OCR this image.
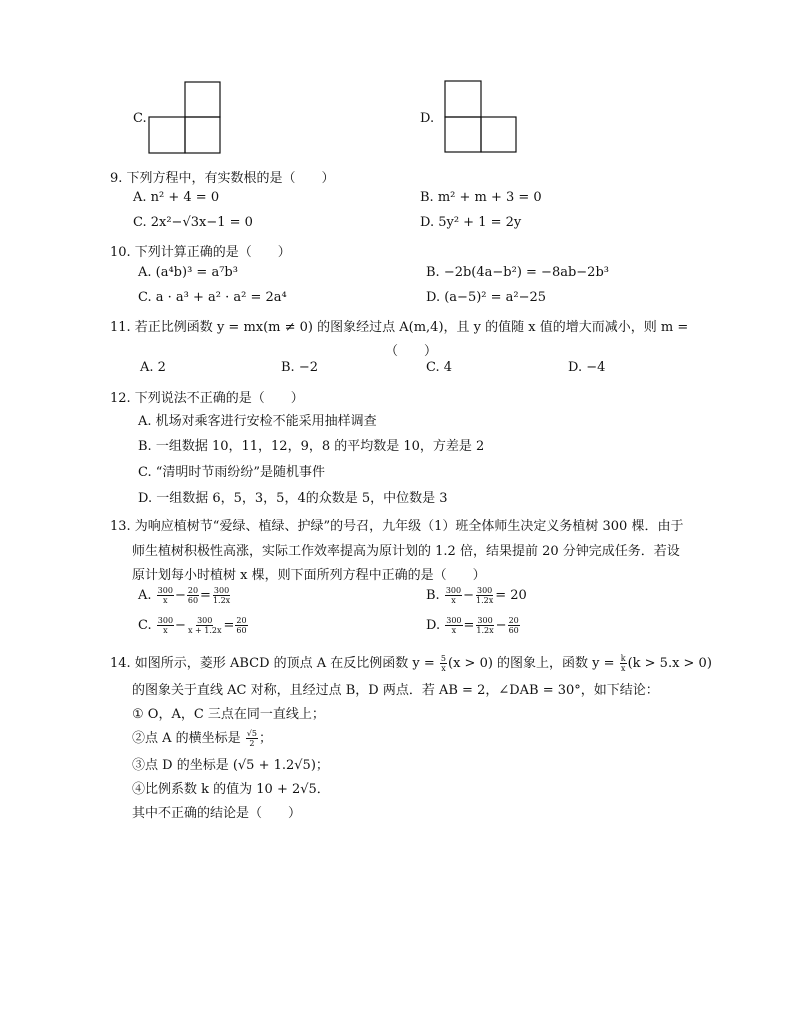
C.	D.
9. 下列方程中，有实数根的是（　　）
A. n² + 4 = 0	B. m² + m + 3 = 0
C. 2x²−√3x−1 = 0	D. 5y² + 1 = 2y
10. 下列计算正确的是（　　）
A. (a⁴b)³ = a⁷b³	B. −2b(4a−b²) = −8ab−2b³
C. a · a³ + a² · a² = 2a⁴	D. (a−5)² = a²−25
11. 若正比例函数 y = mx(m ≠ 0) 的图象经过点 A(m,4)，且 y 的值随 x 值的增大而减小，则 m =
（　　）
A. 2	B. −2	C. 4	D. −4
12. 下列说法不正确的是（　　）
A. 机场对乘客进行安检不能采用抽样调查
B. 一组数据 10，11，12，9，8 的平均数是 10，方差是 2
C. “清明时节雨纷纷”是随机事件
D. 一组数据 6，5，3，5，4的众数是 5，中位数是 3
13. 为响应植树节“爱绿、植绿、护绿”的号召，九年级（1）班全体师生决定义务植树 300 棵．由于
师生植树积极性高涨，实际工作效率提高为原计划的 1.2 倍，结果提前 20 分钟完成任务．若设
原计划每小时植树 x 棵，则下面所列方程中正确的是（　　）
A. $\frac{300}{x} - \frac{20}{60} = \frac{300}{1.2x}$	B. $\frac{300}{x} - \frac{300}{1.2x} = 20$
C. $\frac{300}{x} - \frac{300}{x + 1.2x} = \frac{20}{60}$	D. $\frac{300}{x} = \frac{300}{1.2x} - \frac{20}{60}$
14. 如图所示，菱形 ABCD 的顶点 A 在反比例函数 $y = \frac{5}{x} (x > 0)$ 的图象上，函数 $y = \frac{k}{x} (k > 5.x > 0)$
的图象关于直线 AC 对称，且经过点 B，D 两点．若 AB = 2，∠DAB = 30°，如下结论：
① O，A，C 三点在同一直线上；
②点 A 的横坐标是 $\frac{√5}{2}$ ；
③点 D 的坐标是 (√5 + 1.2√5)；
④比例系数 k 的值为 10 + 2√5．
其中不正确的结论是（　　）
